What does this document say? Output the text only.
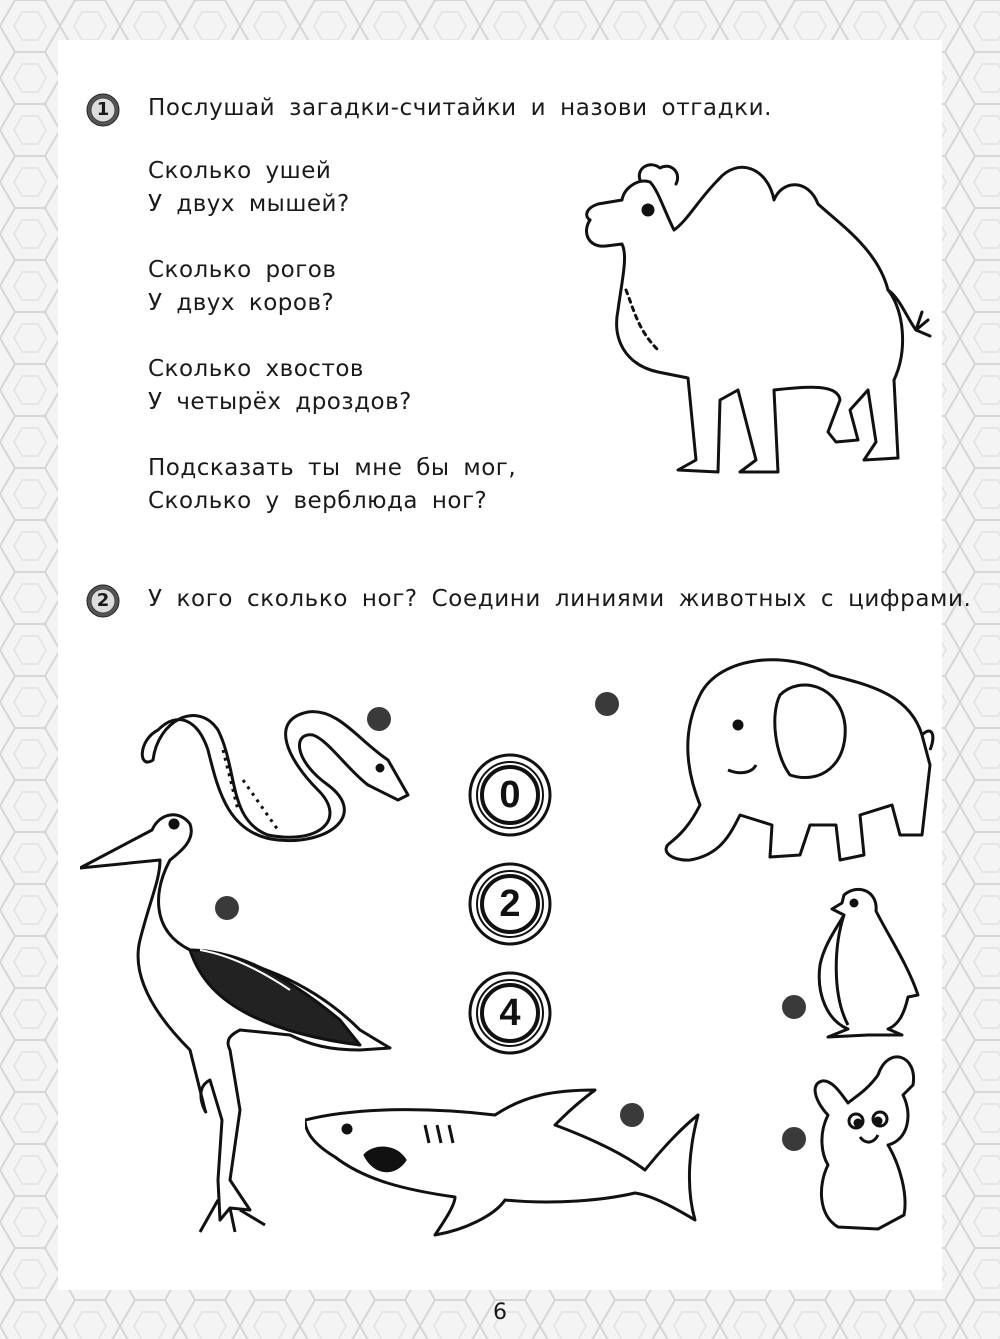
1	Послушай загадки-считайки и назови отгадки.

Сколько ушей

У двух мышей?

Сколько рогов

У двух коров?

Сколько хвостов

У четырёх дроздов?

Подсказать ты мне бы мог,

Сколько у верблюда ног?

2	У кого сколько ног? Соедини линиями животных с цифрами.
0
2
4
6
